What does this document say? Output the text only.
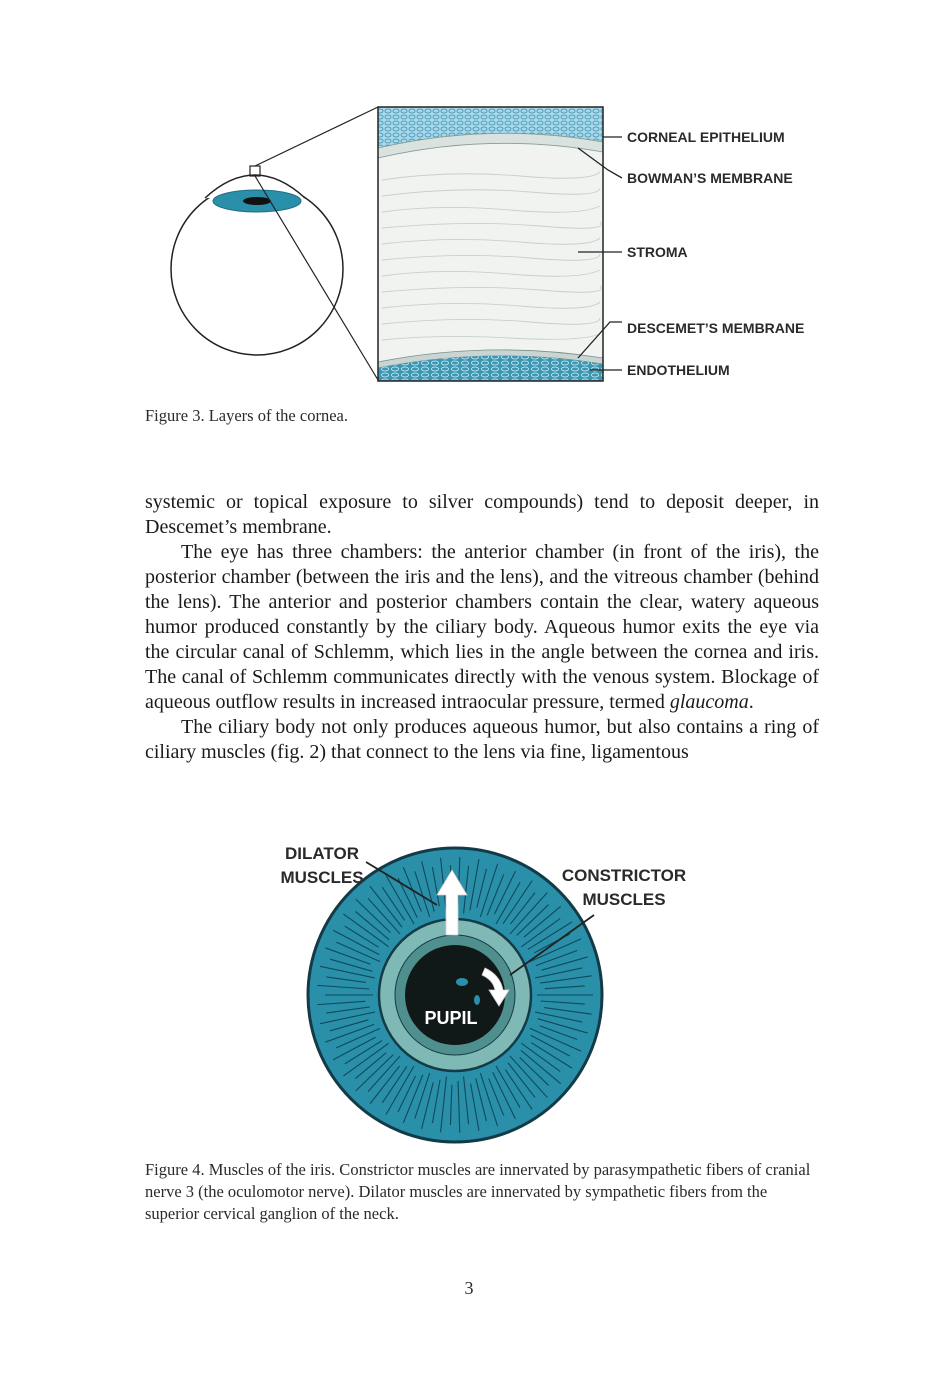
CORNEAL EPITHELIUM
BOWMAN’S MEMBRANE
STROMA
DESCEMET’S MEMBRANE
ENDOTHELIUM

Figure 3. Layers of the cornea.

systemic or topical exposure to silver compounds) tend to deposit deeper, in Descemet’s membrane.

The eye has three chambers: the anterior chamber (in front of the iris), the posterior chamber (between the iris and the lens), and the vitreous chamber (behind the lens). The anterior and posterior chambers contain the clear, watery aqueous humor produced constantly by the ciliary body. Aqueous humor exits the eye via the circular canal of Schlemm, which lies in the angle between the cornea and iris. The canal of Schlemm communicates directly with the venous system. Blockage of aqueous outflow results in increased intraocular pressure, termed glaucoma.

The ciliary body not only produces aqueous humor, but also contains a ring of ciliary muscles (fig. 2) that connect to the lens via fine, ligamentous

DILATOR
MUSCLES	CONSTRICTOR
MUSCLES
PUPIL

Figure 4. Muscles of the iris. Constrictor muscles are innervated by parasympathetic fibers of cranial nerve 3 (the oculomotor nerve). Dilator muscles are innervated by sympathetic fibers from the superior cervical ganglion of the neck.

3
